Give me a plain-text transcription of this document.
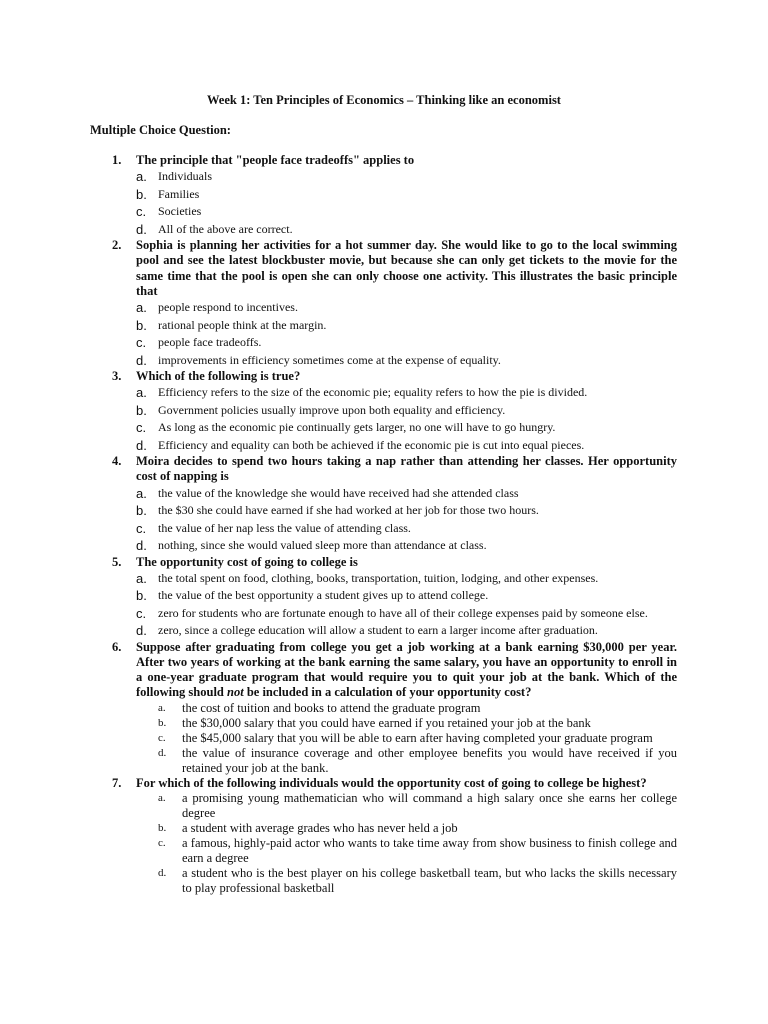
Week 1: Ten Principles of Economics – Thinking like an economist
Multiple Choice Question:
1. The principle that "people face tradeoffs" applies to
a. Individuals
b. Families
c. Societies
d. All of the above are correct.
2. Sophia is planning her activities for a hot summer day. She would like to go to the local swimming pool and see the latest blockbuster movie, but because she can only get tickets to the movie for the same time that the pool is open she can only choose one activity. This illustrates the basic principle that
a. people respond to incentives.
b. rational people think at the margin.
c. people face tradeoffs.
d. improvements in efficiency sometimes come at the expense of equality.
3. Which of the following is true?
a. Efficiency refers to the size of the economic pie; equality refers to how the pie is divided.
b. Government policies usually improve upon both equality and efficiency.
c. As long as the economic pie continually gets larger, no one will have to go hungry.
d. Efficiency and equality can both be achieved if the economic pie is cut into equal pieces.
4. Moira decides to spend two hours taking a nap rather than attending her classes. Her opportunity cost of napping is
a. the value of the knowledge she would have received had she attended class
b. the $30 she could have earned if she had worked at her job for those two hours.
c. the value of her nap less the value of attending class.
d. nothing, since she would valued sleep more than attendance at class.
5. The opportunity cost of going to college is
a. the total spent on food, clothing, books, transportation, tuition, lodging, and other expenses.
b. the value of the best opportunity a student gives up to attend college.
c. zero for students who are fortunate enough to have all of their college expenses paid by someone else.
d. zero, since a college education will allow a student to earn a larger income after graduation.
6. Suppose after graduating from college you get a job working at a bank earning $30,000 per year. After two years of working at the bank earning the same salary, you have an opportunity to enroll in a one-year graduate program that would require you to quit your job at the bank. Which of the following should not be included in a calculation of your opportunity cost?
a. the cost of tuition and books to attend the graduate program
b. the $30,000 salary that you could have earned if you retained your job at the bank
c. the $45,000 salary that you will be able to earn after having completed your graduate program
d. the value of insurance coverage and other employee benefits you would have received if you retained your job at the bank.
7. For which of the following individuals would the opportunity cost of going to college be highest?
a. a promising young mathematician who will command a high salary once she earns her college degree
b. a student with average grades who has never held a job
c. a famous, highly-paid actor who wants to take time away from show business to finish college and earn a degree
d. a student who is the best player on his college basketball team, but who lacks the skills necessary to play professional basketball
